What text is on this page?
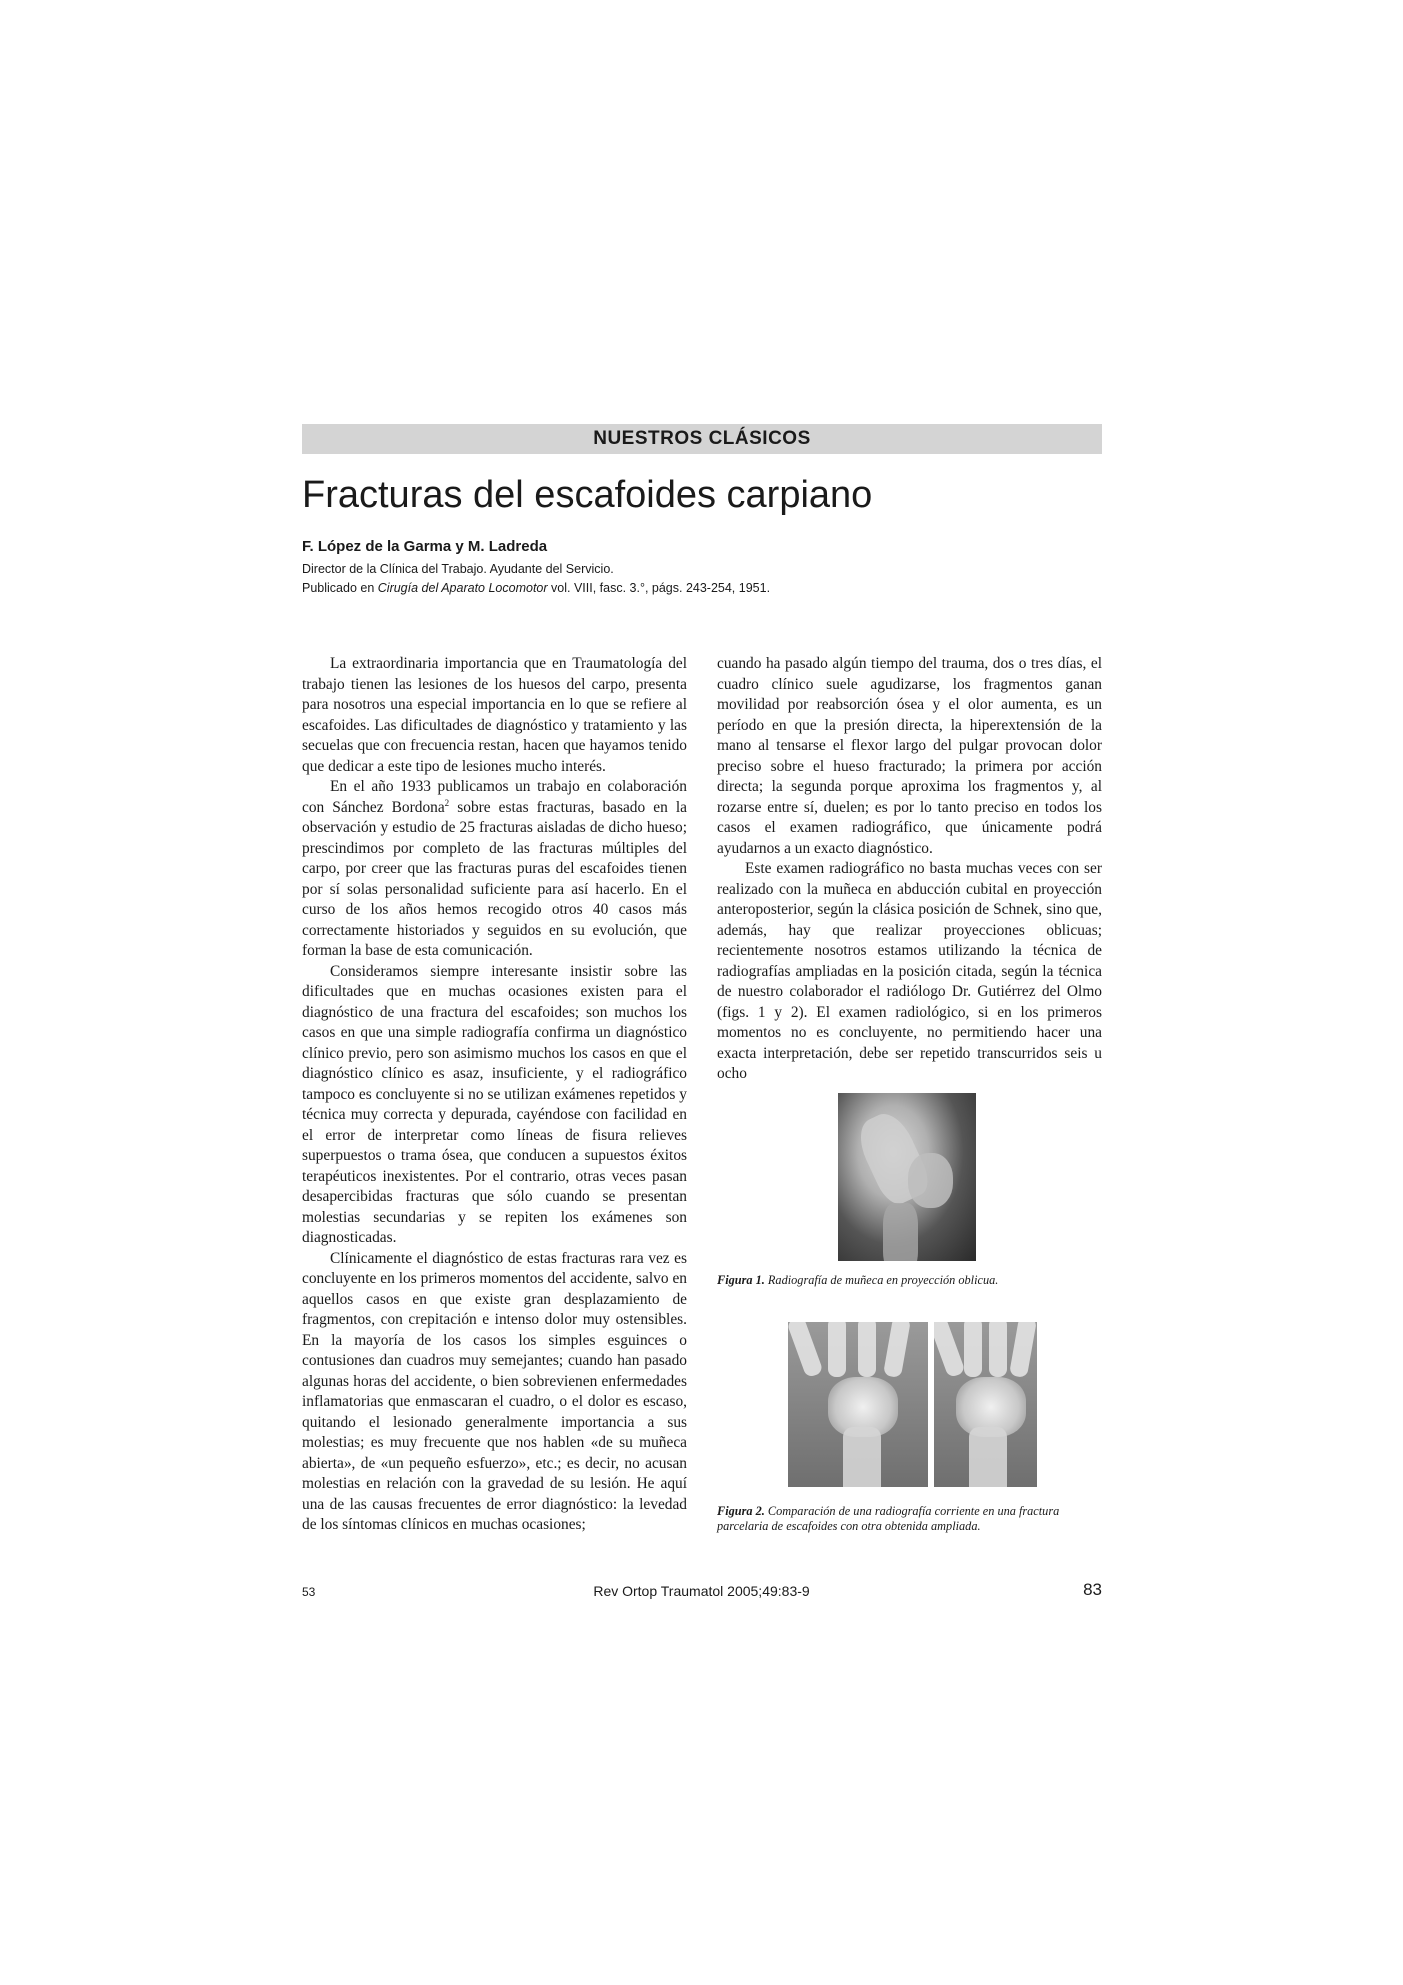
NUESTROS CLÁSICOS
Fracturas del escafoides carpiano
F. López de la Garma y M. Ladreda
Director de la Clínica del Trabajo. Ayudante del Servicio.
Publicado en Cirugía del Aparato Locomotor vol. VIII, fasc. 3.°, págs. 243-254, 1951.

La extraordinaria importancia que en Traumatología del trabajo tienen las lesiones de los huesos del carpo, presenta para nosotros una especial importancia en lo que se refiere al escafoides. Las dificultades de diagnóstico y tratamiento y las secuelas que con frecuencia restan, hacen que hayamos tenido que dedicar a este tipo de lesiones mucho interés.

En el año 1933 publicamos un trabajo en colaboración con Sánchez Bordona$^2$ sobre estas fracturas, basado en la observación y estudio de 25 fracturas aisladas de dicho hueso; prescindimos por completo de las fracturas múltiples del carpo, por creer que las fracturas puras del escafoides tienen por sí solas personalidad suficiente para así hacerlo. En el curso de los años hemos recogido otros 40 casos más correctamente historiados y seguidos en su evolución, que forman la base de esta comunicación.

Consideramos siempre interesante insistir sobre las dificultades que en muchas ocasiones existen para el diagnóstico de una fractura del escafoides; son muchos los casos en que una simple radiografía confirma un diagnóstico clínico previo, pero son asimismo muchos los casos en que el diagnóstico clínico es asaz, insuficiente, y el radiográfico tampoco es concluyente si no se utilizan exámenes repetidos y técnica muy correcta y depurada, cayéndose con facilidad en el error de interpretar como líneas de fisura relieves superpuestos o trama ósea, que conducen a supuestos éxitos terapéuticos inexistentes. Por el contrario, otras veces pasan desapercibidas fracturas que sólo cuando se presentan molestias secundarias y se repiten los exámenes son diagnosticadas.

Clínicamente el diagnóstico de estas fracturas rara vez es concluyente en los primeros momentos del accidente, salvo en aquellos casos en que existe gran desplazamiento de fragmentos, con crepitación e intenso dolor muy ostensibles. En la mayoría de los casos los simples esguinces o contusiones dan cuadros muy semejantes; cuando han pasado algunas horas del accidente, o bien sobrevienen enfermedades inflamatorias que enmascaran el cuadro, o el dolor es escaso, quitando el lesionado generalmente importancia a sus molestias; es muy frecuente que nos hablen «de su muñeca abierta», de «un pequeño esfuerzo», etc.; es decir, no acusan molestias en relación con la gravedad de su lesión. He aquí una de las causas frecuentes de error diagnóstico: la levedad de los síntomas clínicos en muchas ocasiones;

cuando ha pasado algún tiempo del trauma, dos o tres días, el cuadro clínico suele agudizarse, los fragmentos ganan movilidad por reabsorción ósea y el olor aumenta, es un período en que la presión directa, la hiperextensión de la mano al tensarse el flexor largo del pulgar provocan dolor preciso sobre el hueso fracturado; la primera por acción directa; la segunda porque aproxima los fragmentos y, al rozarse entre sí, duelen; es por lo tanto preciso en todos los casos el examen radiográfico, que únicamente podrá ayudarnos a un exacto diagnóstico.

Este examen radiográfico no basta muchas veces con ser realizado con la muñeca en abducción cubital en proyección anteroposterior, según la clásica posición de Schnek, sino que, además, hay que realizar proyecciones oblicuas; recientemente nosotros estamos utilizando la técnica de radiografías ampliadas en la posición citada, según la técnica de nuestro colaborador el radiólogo Dr. Gutiérrez del Olmo (figs. 1 y 2). El examen radiológico, si en los primeros momentos no es concluyente, no permitiendo hacer una exacta interpretación, debe ser repetido transcurridos seis u ocho

Figura 1. Radiografía de muñeca en proyección oblicua.
Figura 2. Comparación de una radiografía corriente en una fractura parcelaria de escafoides con otra obtenida ampliada.
53	Rev Ortop Traumatol 2005;49:83-9	83
